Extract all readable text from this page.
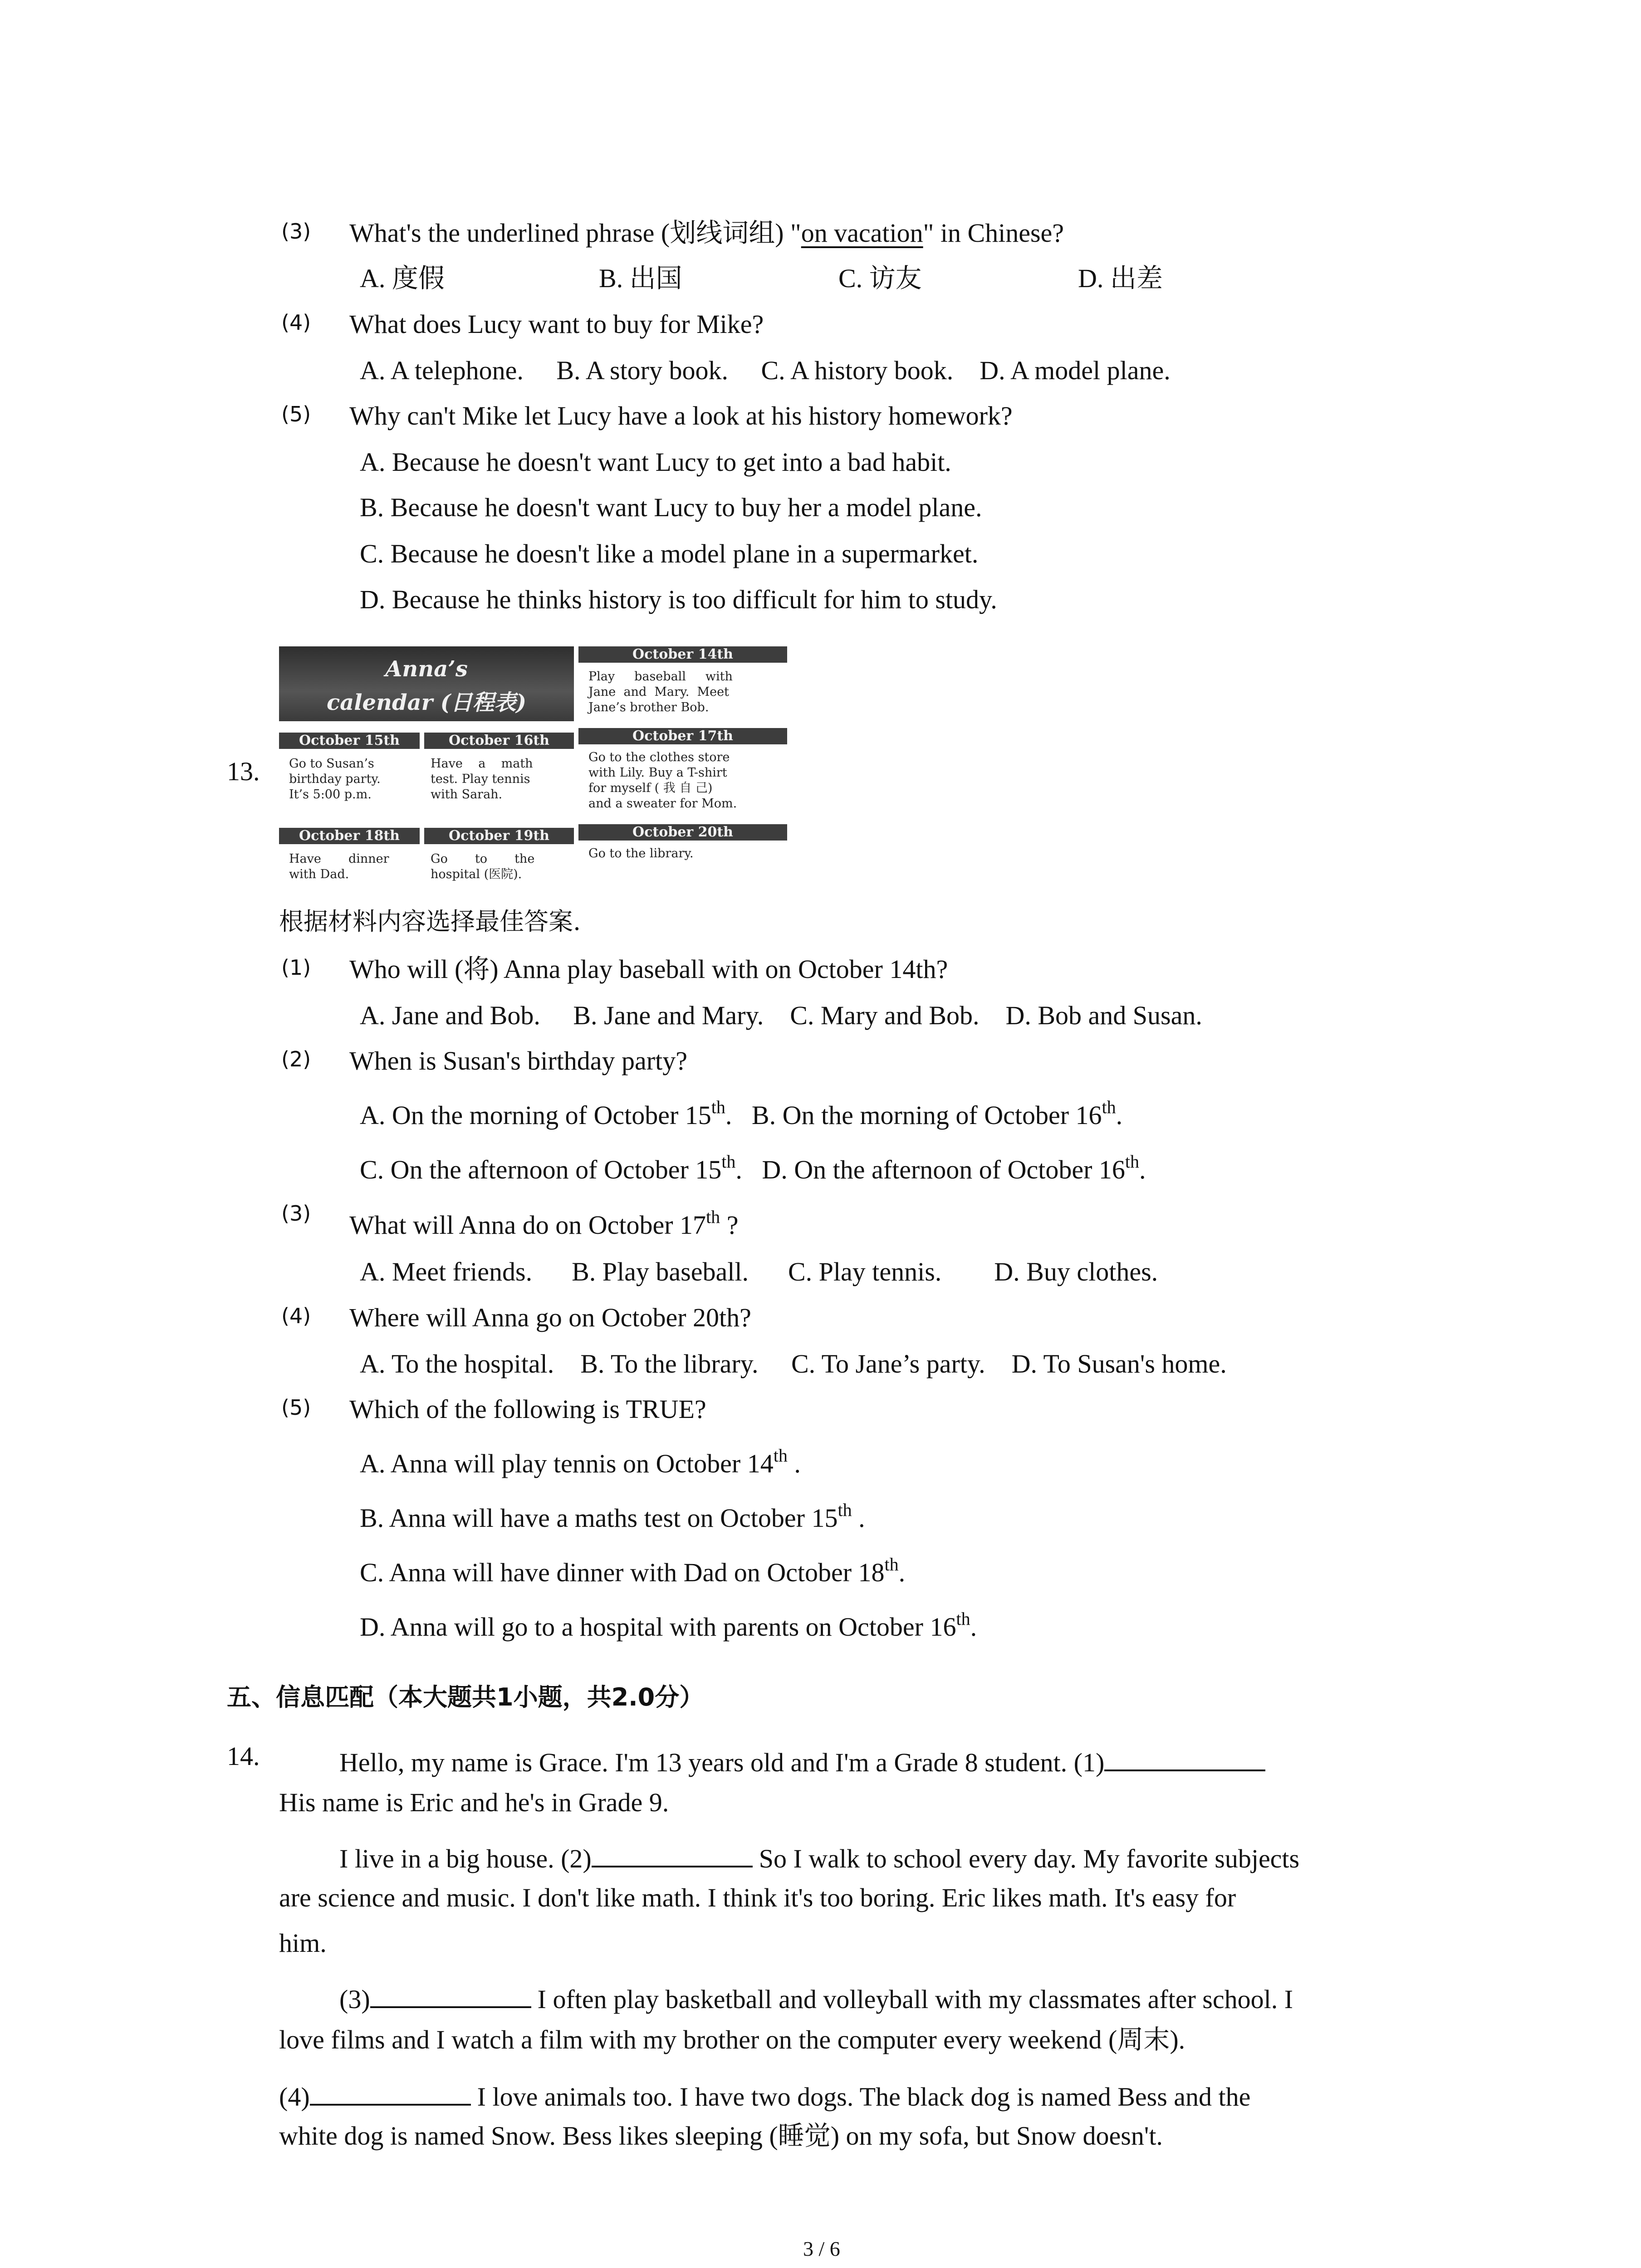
(3) What's the underlined phrase (划线词组) "on vacation" in Chinese?
A. 度假	B. 出国	C. 访友	D. 出差
(4) What does Lucy want to buy for Mike?
A. A telephone.     B. A story book.     C. A history book.    D. A model plane.
(5) Why can't Mike let Lucy have a look at his history homework?
A. Because he doesn't want Lucy to get into a bad habit.
B. Because he doesn't want Lucy to buy her a model plane.
C. Because he doesn't like a model plane in a supermarket.
D. Because he thinks history is too difficult for him to study.
13.
Anna’s
calendar (日程表)
October 14th
Play     baseball     with
Jane  and  Mary.  Meet
Jane’s brother Bob.
October 15th
Go to Susan’s
birthday party.
It’s 5:00 p.m.
October 16th
Have    a    math
test. Play tennis
with Sarah.
October 17th
Go to the clothes store
with Lily. Buy a T-shirt
for myself ( 我 自 己)
and a sweater for Mom.
October 18th
Have       dinner
with Dad.
October 19th
Go       to       the
hospital (医院).
October 20th
Go to the library.
根据材料内容选择最佳答案.
(1) Who will (将) Anna play baseball with on October 14th?
A. Jane and Bob.     B. Jane and Mary.    C. Mary and Bob.    D. Bob and Susan.
(2) When is Susan's birthday party?
A. On the morning of October 15th.   B. On the morning of October 16th.
C. On the afternoon of October 15th.   D. On the afternoon of October 16th.
(3) What will Anna do on October 17th ?
A. Meet friends.      B. Play baseball.      C. Play tennis.        D. Buy clothes.
(4) Where will Anna go on October 20th?
A. To the hospital.    B. To the library.     C. To Jane’s party.    D. To Susan's home.
(5) Which of the following is TRUE?
A. Anna will play tennis on October 14th .
B. Anna will have a maths test on October 15th .
C. Anna will have dinner with Dad on October 18th.
D. Anna will go to a hospital with parents on October 16th.
五、信息匹配（本大题共1小题，共2.0分）
14.	Hello, my name is Grace. I'm 13 years old and I'm a Grade 8 student. (1)
His name is Eric and he's in Grade 9.
I live in a big house. (2)	So I walk to school every day. My favorite subjects
are science and music. I don't like math. I think it's too boring. Eric likes math. It's easy for
him.
(3)	I often play basketball and volleyball with my classmates after school. I
love films and I watch a film with my brother on the computer every weekend (周末).
(4)	I love animals too. I have two dogs. The black dog is named Bess and the
white dog is named Snow. Bess likes sleeping (睡觉) on my sofa, but Snow doesn't.
3 / 6
